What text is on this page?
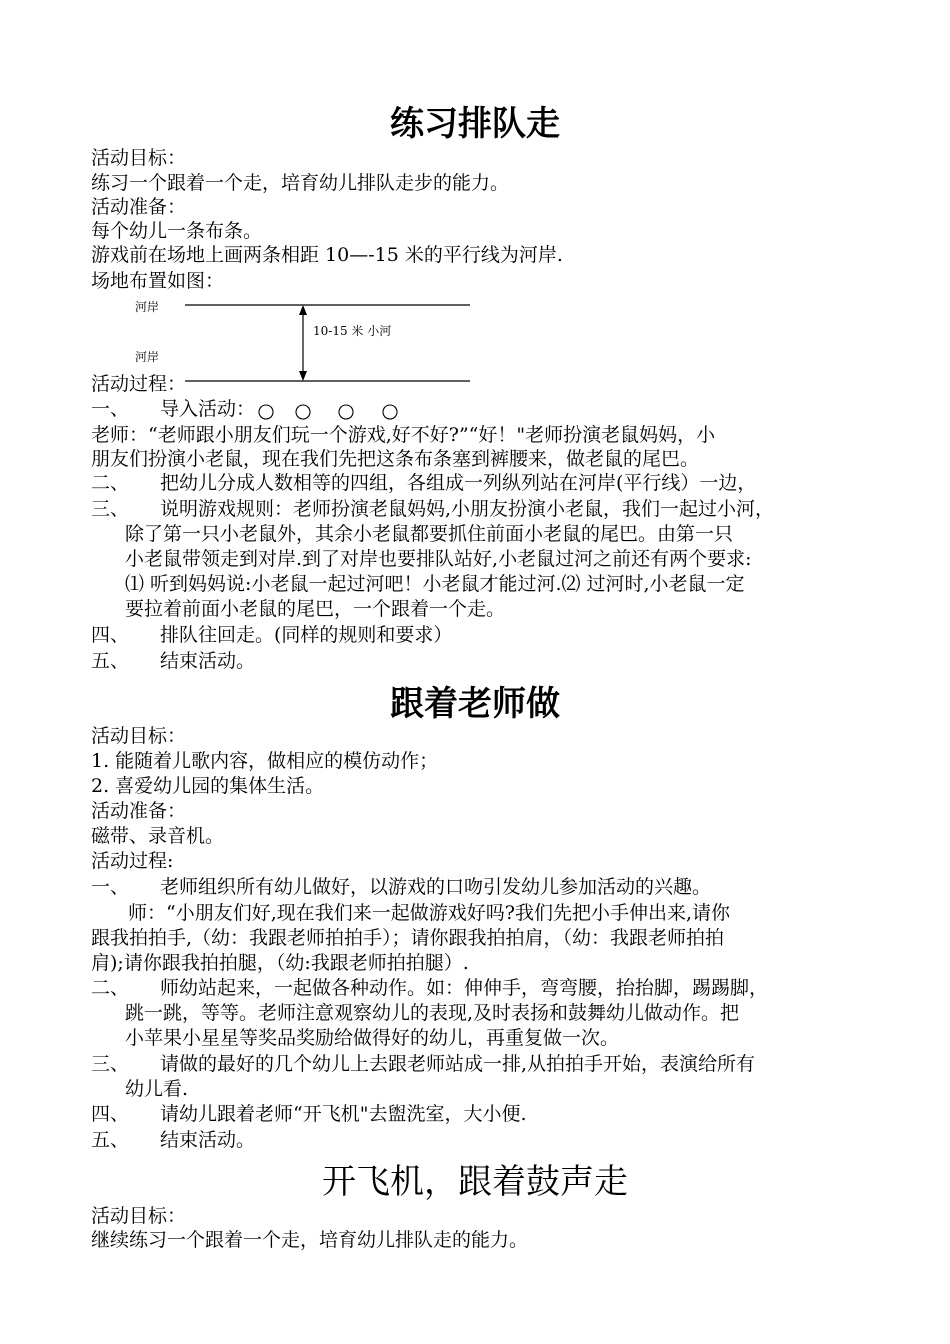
练习排队走
活动目标：
练习一个跟着一个走，培育幼儿排队走步的能力。
活动准备：
每个幼儿一条布条。
游戏前在场地上画两条相距 10—-15 米的平行线为河岸.
场地布置如图：
河岸
河岸
10-15 米 小河
活动过程：
一、 导入活动：
老师：“老师跟小朋友们玩一个游戏,好不好?”“好！"老师扮演老鼠妈妈，小
朋友们扮演小老鼠，现在我们先把这条布条塞到裤腰来，做老鼠的尾巴。
二、 把幼儿分成人数相等的四组，各组成一列纵列站在河岸(平行线）一边，
三、 说明游戏规则：老师扮演老鼠妈妈,小朋友扮演小老鼠，我们一起过小河，
除了第一只小老鼠外，其余小老鼠都要抓住前面小老鼠的尾巴。由第一只
小老鼠带领走到对岸.到了对岸也要排队站好,小老鼠过河之前还有两个要求:
⑴ 听到妈妈说:小老鼠一起过河吧！小老鼠才能过河.⑵ 过河时,小老鼠一定
要拉着前面小老鼠的尾巴，一个跟着一个走。
四、 排队往回走。(同样的规则和要求）
五、 结束活动。
跟着老师做
活动目标：
1. 能随着儿歌内容，做相应的模仿动作；
2. 喜爱幼儿园的集体生活。
活动准备：
磁带、录音机。
活动过程:
一、 老师组织所有幼儿做好，以游戏的口吻引发幼儿参加活动的兴趣。
师：“小朋友们好,现在我们来一起做游戏好吗?我们先把小手伸出来,请你
跟我拍拍手,（幼：我跟老师拍拍手）；请你跟我拍拍肩，（幼：我跟老师拍拍
肩);请你跟我拍拍腿，（幼:我跟老师拍拍腿）.
二、 师幼站起来，一起做各种动作。如：伸伸手，弯弯腰，抬抬脚，踢踢脚，
跳一跳，等等。老师注意观察幼儿的表现,及时表扬和鼓舞幼儿做动作。把
小苹果小星星等奖品奖励给做得好的幼儿，再重复做一次。
三、 请做的最好的几个幼儿上去跟老师站成一排,从拍拍手开始，表演给所有
幼儿看.
四、 请幼儿跟着老师“开飞机"去盥洗室，大小便.
五、 结束活动。
开飞机，跟着鼓声走
活动目标：
继续练习一个跟着一个走，培育幼儿排队走的能力。
